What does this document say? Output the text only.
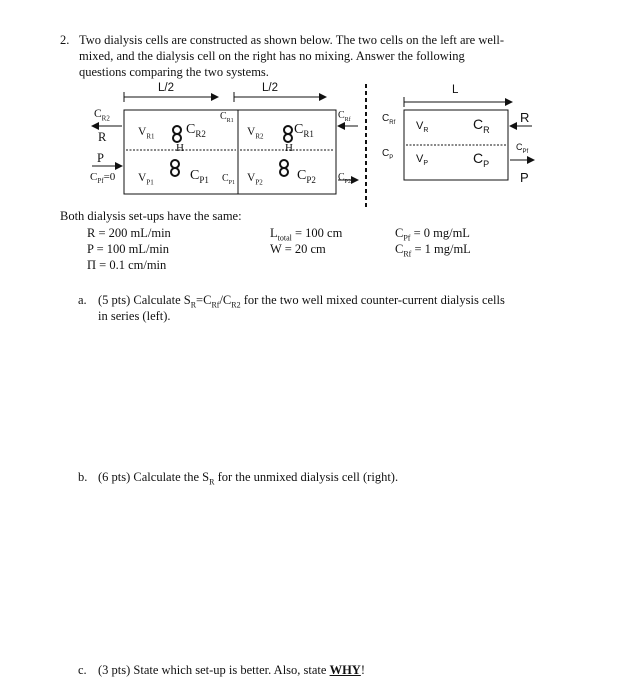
2. Two dialysis cells are constructed as shown below. The two cells on the left are well-
mixed, and the dialysis cell on the right has no mixing. Answer the following
questions comparing the two systems.
L/2	L/2
$C_{R2}$
R
P
$C_{Pf}=0$
$V_{R1}$ $C_{R2}$
H
$V_{P1}$	$C_{P1}$
$C_{R1}$
$C_{P1}$
$V_{R2}$ $C_{R1}$
H
$V_{P2}$ $C_{P2}$
$C_{Rf}$
$C_{P2}$
L
$C_{Rf}$
$C_P$
$V_R$
$V_P$
$C_R$
$C_P$
R
$C_{Pf}$
P
Both dialysis set-ups have the same:
R = 200 mL/min
P = 100 mL/min
Π = 0.1 cm/min
$L_{total} = 100$ cm
W = 20 cm
$C_{Pf} = 0$ mg/mL
$C_{Rf} = 1$ mg/mL
a. (5 pts) Calculate $S_R=C_{Rf}/C_{R2}$ for the two well mixed counter-current dialysis cells
in series (left).
b. (6 pts) Calculate the $S_R$ for the unmixed dialysis cell (right).
c. (3 pts) State which set-up is better. Also, state WHY!
